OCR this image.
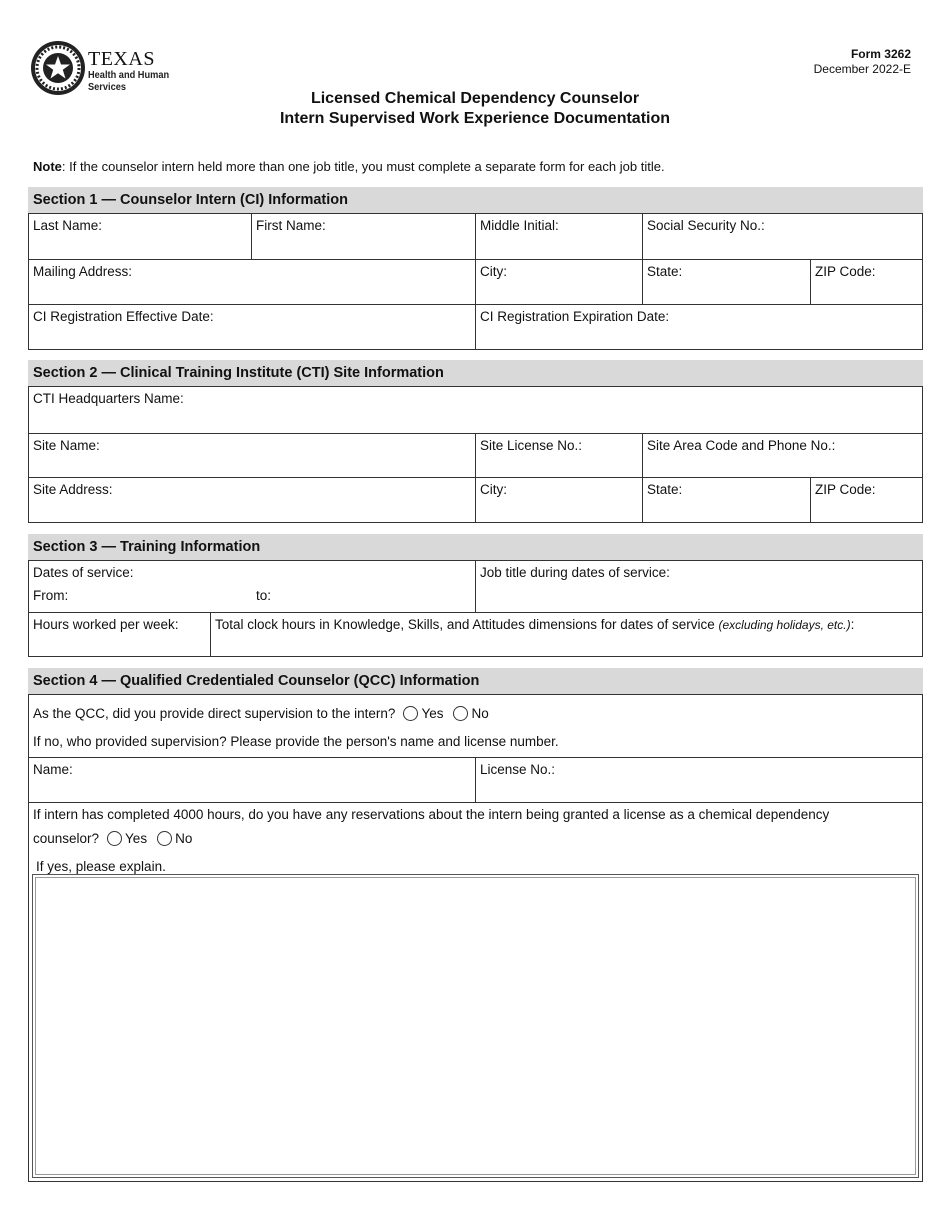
TEXAS
Health and Human
Services
Form 3262
December 2022-E
Licensed Chemical Dependency Counselor
Intern Supervised Work Experience Documentation
Note: If the counselor intern held more than one job title, you must complete a separate form for each job title.
Section 1 — Counselor Intern (CI) Information
Last Name:	First Name:	Middle Initial:	Social Security No.:
Mailing Address:	City:	State:	ZIP Code:
CI Registration Effective Date:	CI Registration Expiration Date:
Section 2 — Clinical Training Institute (CTI) Site Information
CTI Headquarters Name:
Site Name:	Site License No.:	Site Area Code and Phone No.:
Site Address:	City:	State:	ZIP Code:
Section 3 — Training Information
Dates of service:
From:	to:
Job title during dates of service:
Hours worked per week:	Total clock hours in Knowledge, Skills, and Attitudes dimensions for dates of service (excluding holidays, etc.):
Section 4 — Qualified Credentialed Counselor (QCC) Information
As the QCC, did you provide direct supervision to the intern? Yes No
If no, who provided supervision? Please provide the person's name and license number.
Name:	License No.:
If intern has completed 4000 hours, do you have any reservations about the intern being granted a license as a chemical dependency
counselor? Yes No
If yes, please explain.
